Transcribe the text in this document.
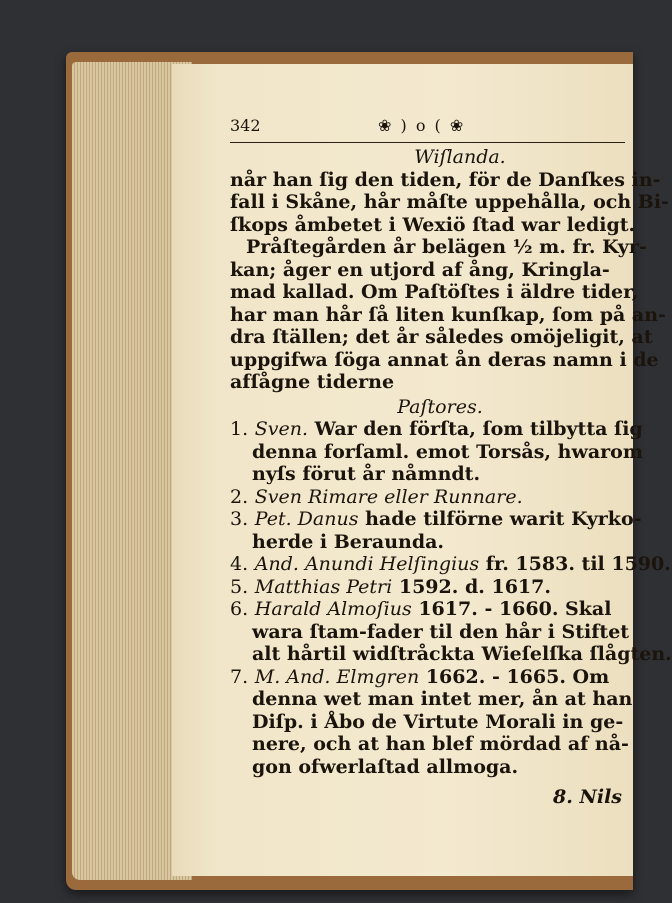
342	❀ ) o ( ❀
Wiſlanda.
når han ſig den tiden, för de Danſkes in-
fall i Skåne, hår måſte uppehålla, och Bi-
ſkops åmbetet i Wexiö ſtad war ledigt.
Pråſtegården år belägen ½ m. fr. Kyr-
kan; åger en utjord af ång, Kringla-
mad kallad. Om Paſtöſtes i äldre tider,
har man hår ſå liten kunſkap, ſom på an-
dra ſtällen; det år således omöjeligit, at
uppgifwa ſöga annat ån deras namn i de
afſågne tiderne
Paſtores.
1. Sven. War den förſta, ſom tilbytta ſig
denna forſaml. emot Torsås, hwarom
nyſs förut år nåmndt.
2. Sven Rimare eller Runnare.
3. Pet. Danus hade tilförne warit Kyrko-
herde i Beraunda.
4. And. Anundi Helſingius fr. 1583. til 1590.
5. Matthias Petri 1592. d. 1617.
6. Harald Almoſius 1617. - 1660. Skal
wara ſtam-fader til den hår i Stiftet
alt hårtil widſtråckta Wieſelſka ſlågten.
7. M. And. Elmgren 1662. - 1665. Om
denna wet man intet mer, ån at han
Diſp. i Åbo de Virtute Morali in ge-
nere, och at han blef mördad af nå-
gon ofwerlaſtad allmoga.
8. Nils
